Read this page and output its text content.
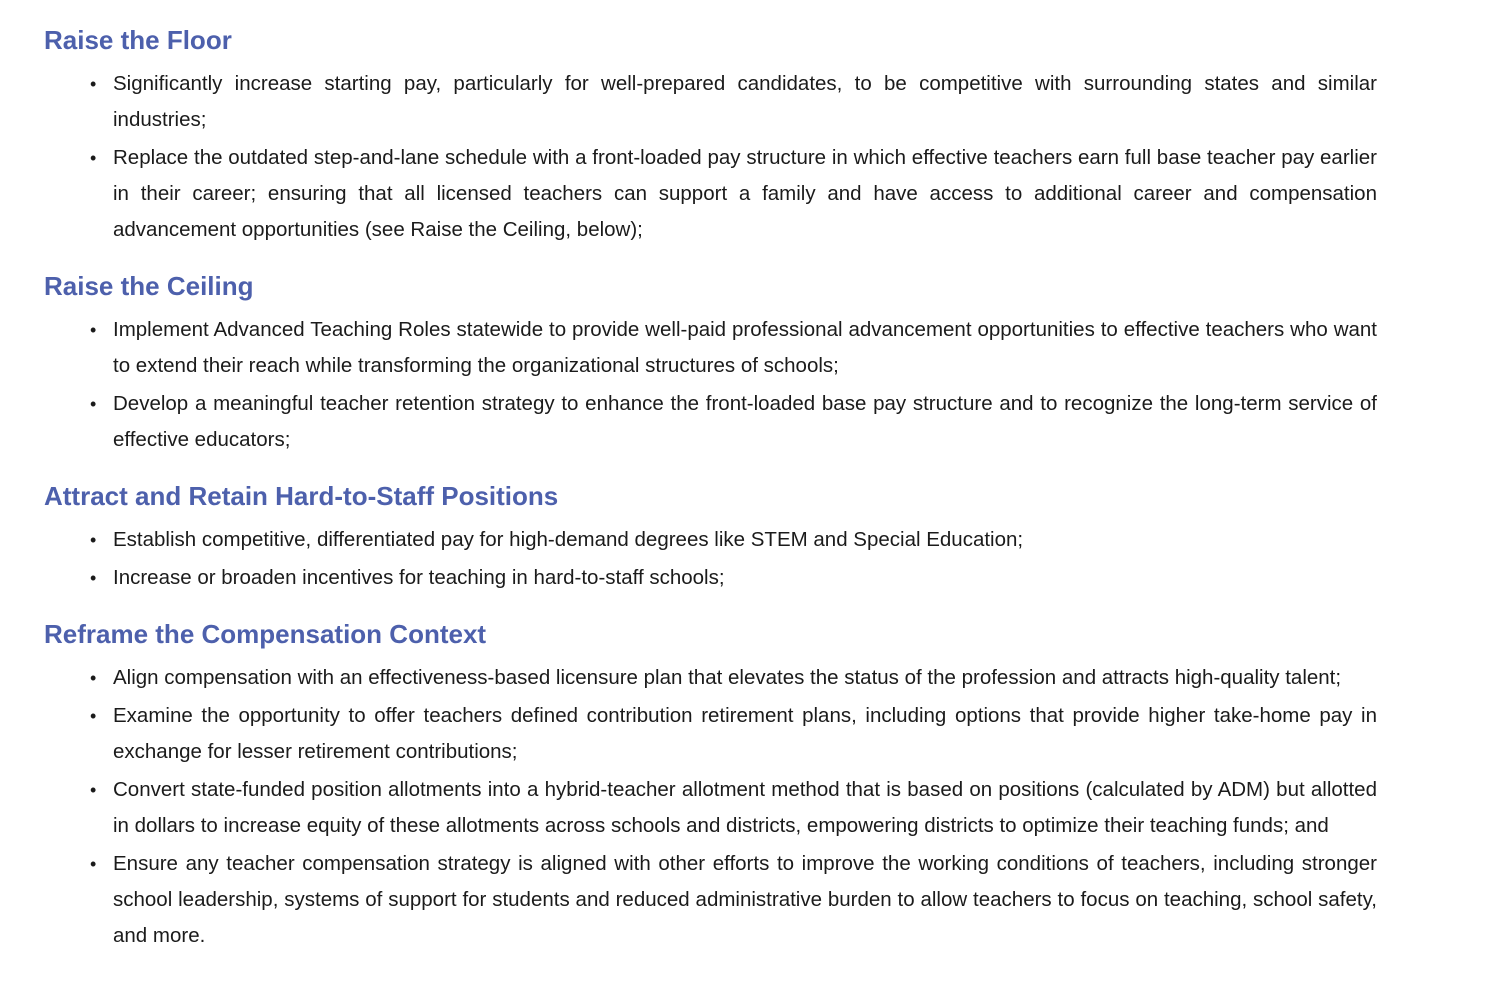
Raise the Floor
• Significantly increase starting pay, particularly for well-prepared candidates, to be competitive with surrounding states and similar industries;
• Replace the outdated step-and-lane schedule with a front-loaded pay structure in which effective teachers earn full base teacher pay earlier in their career; ensuring that all licensed teachers can support a family and have access to additional career and compensation advancement opportunities (see Raise the Ceiling, below);
Raise the Ceiling
• Implement Advanced Teaching Roles statewide to provide well-paid professional advancement opportunities to effective teachers who want to extend their reach while transforming the organizational structures of schools;
• Develop a meaningful teacher retention strategy to enhance the front-loaded base pay structure and to recognize the long-term service of effective educators;
Attract and Retain Hard-to-Staff Positions
• Establish competitive, differentiated pay for high-demand degrees like STEM and Special Education;
• Increase or broaden incentives for teaching in hard-to-staff schools;
Reframe the Compensation Context
• Align compensation with an effectiveness-based licensure plan that elevates the status of the profession and attracts high-quality talent;
• Examine the opportunity to offer teachers defined contribution retirement plans, including options that provide higher take-home pay in exchange for lesser retirement contributions;
• Convert state-funded position allotments into a hybrid-teacher allotment method that is based on positions (calculated by ADM) but allotted in dollars to increase equity of these allotments across schools and districts, empowering districts to optimize their teaching funds; and
• Ensure any teacher compensation strategy is aligned with other efforts to improve the working conditions of teachers, including stronger school leadership, systems of support for students and reduced administrative burden to allow teachers to focus on teaching, school safety, and more.
